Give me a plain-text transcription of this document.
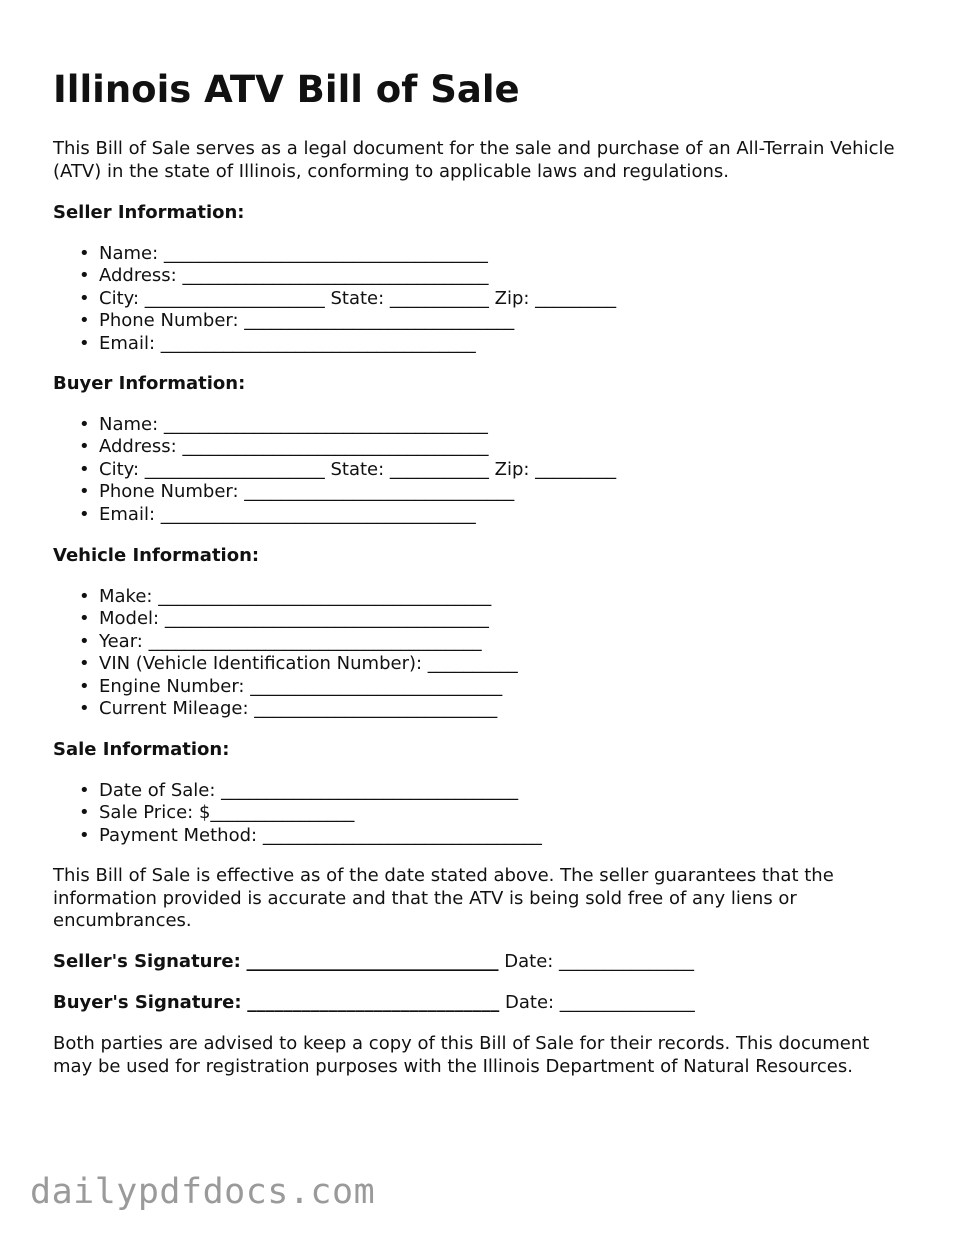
Illinois ATV Bill of Sale

This Bill of Sale serves as a legal document for the sale and purchase of an All-Terrain Vehicle (ATV) in the state of Illinois, conforming to applicable laws and regulations.

Seller Information:
• Name: ____________________________________
• Address: __________________________________
• City: ____________________ State: ___________ Zip: _________
• Phone Number: ______________________________
• Email: ___________________________________
Buyer Information:
• Name: ____________________________________
• Address: __________________________________
• City: ____________________ State: ___________ Zip: _________
• Phone Number: ______________________________
• Email: ___________________________________
Vehicle Information:
• Make: _____________________________________
• Model: ____________________________________
• Year: _____________________________________
• VIN (Vehicle Identification Number): __________
• Engine Number: ____________________________
• Current Mileage: ___________________________
Sale Information:
• Date of Sale: _________________________________
• Sale Price: $________________
• Payment Method: _______________________________

This Bill of Sale is effective as of the date stated above. The seller guarantees that the information provided is accurate and that the ATV is being sold free of any liens or encumbrances.

Seller's Signature: ____________________________ Date: _______________
Buyer's Signature: ____________________________ Date: _______________

Both parties are advised to keep a copy of this Bill of Sale for their records. This document may be used for registration purposes with the Illinois Department of Natural Resources.

dailypdfdocs.com
